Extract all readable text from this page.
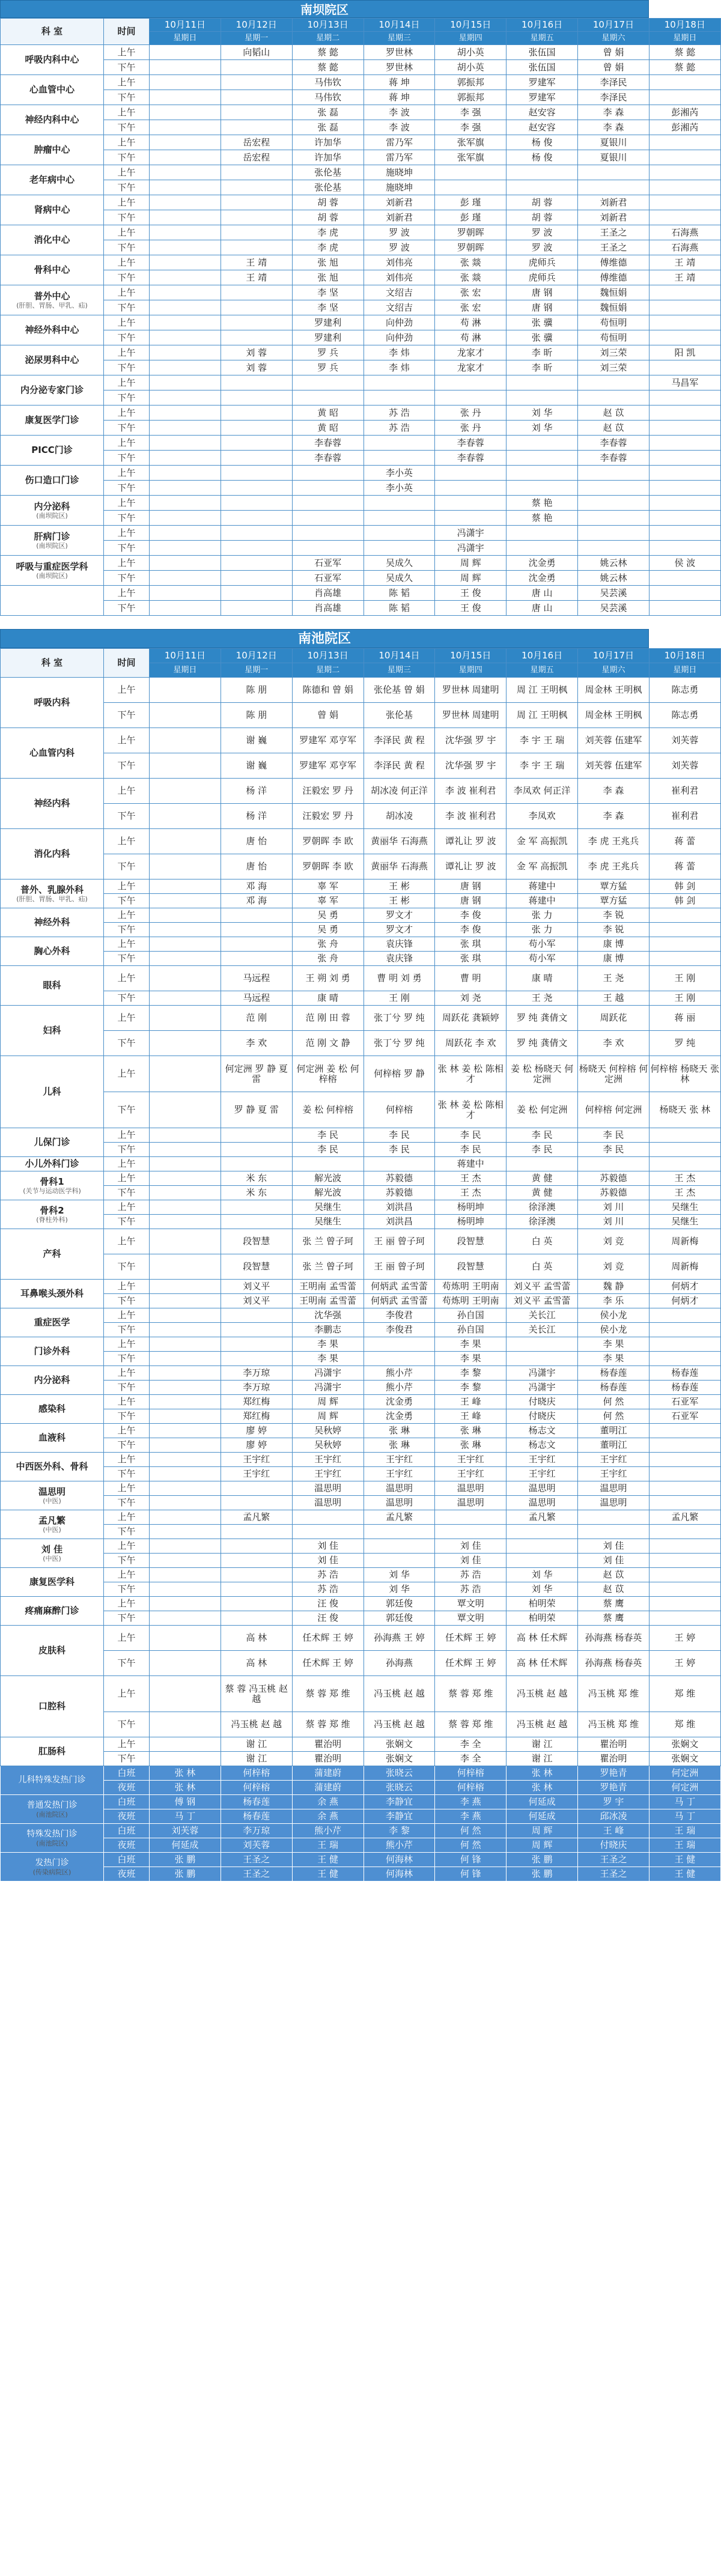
南坝院区
科 室	时间	10月11日	10月12日	10月13日	10月14日	10月15日	10月16日	10月17日	10月18日
		星期日	星期一	星期二	星期三	星期四	星期五	星期六	星期日
呼吸内科中心	上午		向韬山	蔡 懿	罗世林	胡小英	张伍国	曾 娟	蔡 懿
	下午			蔡 懿	罗世林	胡小英	张伍国	曾 娟	蔡 懿
心血管中心	上午			马伟钦	蒋 坤	郭振邦	罗建军	李泽民	
	下午			马伟钦	蒋 坤	郭振邦	罗建军	李泽民	
神经内科中心	上午			张 磊	李 波	李 强	赵安容	李 森	彭湘芮
	下午			张 磊	李 波	李 强	赵安容	李 森	彭湘芮
肿瘤中心	上午		岳宏程	许加华	雷乃军	张军旗	杨 俊	夏银川	
	下午		岳宏程	许加华	雷乃军	张军旗	杨 俊	夏银川	
老年病中心	上午			张伦基	施晓坤				
	下午			张伦基	施晓坤				
肾病中心	上午			胡 蓉	刘新君	彭 瑾	胡 蓉	刘新君	
	下午			胡 蓉	刘新君	彭 瑾	胡 蓉	刘新君	
消化中心	上午			李 虎	罗 波	罗朝晖	罗 波	王圣之	石海燕
	下午			李 虎	罗 波	罗朝晖	罗 波	王圣之	石海燕
骨科中心	上午		王 靖	张 旭	刘伟亮	张 燚	虎师兵	傅维德	王 靖
	下午		王 靖	张 旭	刘伟亮	张 燚	虎师兵	傅维德	王 靖
普外中心
(肝胆、胃肠、甲乳、疝)	上午			李 坚	文绍吉	张 宏	唐 钢	魏恒娟	
	下午			李 坚	文绍吉	张 宏	唐 钢	魏恒娟	
神经外科中心	上午			罗建利	向仲劲	苟 淋	张 骥	苟恒明	
	下午			罗建利	向仲劲	苟 淋	张 骥	苟恒明	
泌尿男科中心	上午		刘 蓉	罗 兵	李 炜	龙家才	李 昕	刘三荣	阳 凯
	下午		刘 蓉	罗 兵	李 炜	龙家才	李 昕	刘三荣	
内分泌专家门诊	上午								马昌军
	下午								
康复医学门诊	上午			黄 昭	苏 浩	张 丹	刘 华	赵 苡	
	下午			黄 昭	苏 浩	张 丹	刘 华	赵 苡	
PICC门诊	上午			李春蓉		李春蓉		李春蓉	
	下午			李春蓉		李春蓉		李春蓉	
伤口造口门诊	上午				李小英				
	下午				李小英				
内分泌科
(南坝院区)	上午						蔡 艳		
	下午						蔡 艳		
肝病门诊
(南坝院区)	上午					冯潇宇			
	下午					冯潇宇			
呼吸与重症医学科
(南坝院区)	上午			石亚军	吴成久	周 辉	沈金勇	姚云林	侯 波
	下午			石亚军	吴成久	周 辉	沈金勇	姚云林	
	上午			肖高雄	陈 韬	王 俊	唐 山	吴芸溪	
	下午			肖高雄	陈 韬	王 俊	唐 山	吴芸溪	
南池院区
科 室	时间	10月11日	10月12日	10月13日	10月14日	10月15日	10月16日	10月17日	10月18日
		星期日	星期一	星期二	星期三	星期四	星期五	星期六	星期日
呼吸内科	上午		陈 朋	陈德和 曾 娟	张伦基 曾 娟	罗世林 周建明	周 江 王明枫	周金林 王明枫	陈志勇
	下午		陈 朋	曾 娟	张伦基	罗世林 周建明	周 江 王明枫	周金林 王明枫	陈志勇
心血管内科	上午		谢 巍	罗建军 邓亨军	李泽民 黄 程	沈华强 罗 宇	李 宇 王 瑞	刘芙蓉 伍建军	刘芙蓉
	下午		谢 巍	罗建军 邓亨军	李泽民 黄 程	沈华强 罗 宇	李 宇 王 瑞	刘芙蓉 伍建军	刘芙蓉
神经内科	上午		杨 洋	汪毅宏 罗 丹	胡冰凌 何正洋	李 波 崔利君	李凤欢 何正洋	李 森	崔利君
	下午		杨 洋	汪毅宏 罗 丹	胡冰凌	李 波 崔利君	李凤欢	李 森	崔利君
消化内科	上午		唐 怡	罗朝晖 李 欧	黄丽华 石海燕	谭礼让 罗 波	金 军 高振凯	李 虎 王兆兵	蒋 蕾
	下午		唐 怡	罗朝晖 李 欧	黄丽华 石海燕	谭礼让 罗 波	金 军 高振凯	李 虎 王兆兵	蒋 蕾
普外、乳腺外科
(肝胆、胃肠、甲乳、疝)	上午		邓 海	辜 军	王 彬	唐 钢	蒋建中	覃方猛	韩 剑
	下午		邓 海	辜 军	王 彬	唐 钢	蒋建中	覃方猛	韩 剑
神经外科	上午			吴 勇	罗文才	李 俊	张 力	李 锐	
	下午			吴 勇	罗文才	李 俊	张 力	李 锐	
胸心外科	上午			张 舟	袁庆锋	张 琪	苟小军	康 博	
	下午			张 舟	袁庆锋	张 琪	苟小军	康 博	
眼科	上午		马远程	王 朔 刘 勇	曹 明 刘 勇	曹 明	康 晴	王 尧	王 刚
	下午		马远程	康 晴	王 刚	刘 尧	王 尧	王 越	王 刚
妇科	上午		范 刚	范 刚 田 蓉	张丁兮 罗 纯	周跃花 龚颖婷	罗 纯 龚倩文	周跃花	蒋 丽
	下午		李 欢	范 刚 文 静	张丁兮 罗 纯	周跃花 李 欢	罗 纯 龚倩文	李 欢	罗 纯
儿科	上午		何定洲 罗 静 夏 雷	何定洲 姜 松 何梓榕	何梓榕 罗 静	张 林 姜 松 陈相才	姜 松 杨晓天 何定洲	杨晓天 何梓榕 何定洲	何梓榕 杨晓天 张 林
	下午		罗 静 夏 雷	姜 松 何梓榕	何梓榕	张 林 姜 松 陈相才	姜 松 何定洲	何梓榕 何定洲	杨晓天 张 林
儿保门诊	上午			李 民	李 民	李 民	李 民	李 民	
	下午			李 民	李 民	李 民	李 民	李 民	
小儿外科门诊	上午					蒋建中			
骨科1
(关节与运动医学科)	上午		米 东	解光波	苏毅德	王 杰	黄 健	苏毅德	王 杰
	下午		米 东	解光波	苏毅德	王 杰	黄 健	苏毅德	王 杰
骨科2
(脊柱外科)	上午			吴继生	刘洪昌	杨明坤	徐泽澳	刘 川	吴继生
	下午			吴继生	刘洪昌	杨明坤	徐泽澳	刘 川	吴继生
产科	上午		段智慧	张 兰 曾子珂	王 丽 曾子珂	段智慧	白 英	刘 竞	周新梅
	下午		段智慧	张 兰 曾子珂	王 丽 曾子珂	段智慧	白 英	刘 竞	周新梅
耳鼻喉头颈外科	上午		刘义平	王明南 孟雪蕾	何炳武 孟雪蕾	苟炼明 王明南	刘义平 孟雪蕾	魏 静	何炳才
	下午		刘义平	王明南 孟雪蕾	何炳武 孟雪蕾	苟炼明 王明南	刘义平 孟雪蕾	李 乐	何炳才
重症医学	上午			沈华强	李俊君	孙自国	关长江	侯小龙	
	下午			李鹏志	李俊君	孙自国	关长江	侯小龙	
门诊外科	上午			李 果		李 果		李 果	
	下午			李 果		李 果		李 果	
内分泌科	上午		李万琼	冯潇宇	熊小芹	李 黎	冯潇宇	杨春莲	杨春莲
	下午		李万琼	冯潇宇	熊小芹	李 黎	冯潇宇	杨春莲	杨春莲
感染科	上午		郑红梅	周 辉	沈金勇	王 峰	付晓庆	何 然	石亚军
	下午		郑红梅	周 辉	沈金勇	王 峰	付晓庆	何 然	石亚军
血液科	上午		廖 婷	吴秋婷	张 琳	张 琳	杨志文	董明江	
	下午		廖 婷	吴秋婷	张 琳	张 琳	杨志文	董明江	
中西医外科、骨科	上午		王宇红	王宇红	王宇红	王宇红	王宇红	王宇红	
	下午		王宇红	王宇红	王宇红	王宇红	王宇红	王宇红	
温思明
(中医)	上午			温思明	温思明	温思明	温思明	温思明	
	下午			温思明	温思明	温思明	温思明	温思明	
孟凡繁
(中医)	上午		孟凡繁		孟凡繁		孟凡繁		孟凡繁
	下午								
刘 佳
(中医)	上午			刘 佳		刘 佳		刘 佳	
	下午			刘 佳		刘 佳		刘 佳	
康复医学科	上午			苏 浩	刘 华	苏 浩	刘 华	赵 苡	
	下午			苏 浩	刘 华	苏 浩	刘 华	赵 苡	
疼痛麻醉门诊	上午			汪 俊	郭廷俊	覃文明	柏明荣	蔡 鹰	
	下午			汪 俊	郭廷俊	覃文明	柏明荣	蔡 鹰	
皮肤科	上午		高 林	任术辉 王 婷	孙海燕 王 婷	任术辉 王 婷	高 林 任术辉	孙海燕 杨春英	王 婷
	下午		高 林	任术辉 王 婷	孙海燕	任术辉 王 婷	高 林 任术辉	孙海燕 杨春英	王 婷
口腔科	上午		蔡 蓉 冯玉桃 赵 越	蔡 蓉 郑 维	冯玉桃 赵 越	蔡 蓉 郑 维	冯玉桃 赵 越	冯玉桃 郑 维	郑 维
	下午		冯玉桃 赵 越	蔡 蓉 郑 维	冯玉桃 赵 越	蔡 蓉 郑 维	冯玉桃 赵 越	冯玉桃 郑 维	郑 维
肛肠科	上午		谢 江	瞿治明	张娴文	李 全	谢 江	瞿治明	张娴文
	下午		谢 江	瞿治明	张娴文	李 全	谢 江	瞿治明	张娴文
儿科特殊发热门诊	白班	张 林	何梓榕	蒲建蔚	张晓云	何梓榕	张 林	罗艳青	何定洲
	夜班	张 林	何梓榕	蒲建蔚	张晓云	何梓榕	张 林	罗艳青	何定洲
普通发热门诊
(南池院区)	白班	傅 钢	杨春莲	余 燕	李静宜	李 燕	何延成	罗 宇	马 丁
	夜班	马 丁	杨春莲	余 燕	李静宜	李 燕	何延成	邱冰凌	马 丁
特殊发热门诊
(南池院区)	白班	刘芙蓉	李万琼	熊小芹	李 黎	何 然	周 辉	王 峰	王 瑞
	夜班	何延成	刘芙蓉	王 瑞	熊小芹	何 然	周 辉	付晓庆	王 瑞
发热门诊
(传染病院区)	白班	张 鹏	王圣之	王 健	何海林	何 锋	张 鹏	王圣之	王 健
	夜班	张 鹏	王圣之	王 健	何海林	何 锋	张 鹏	王圣之	王 健
